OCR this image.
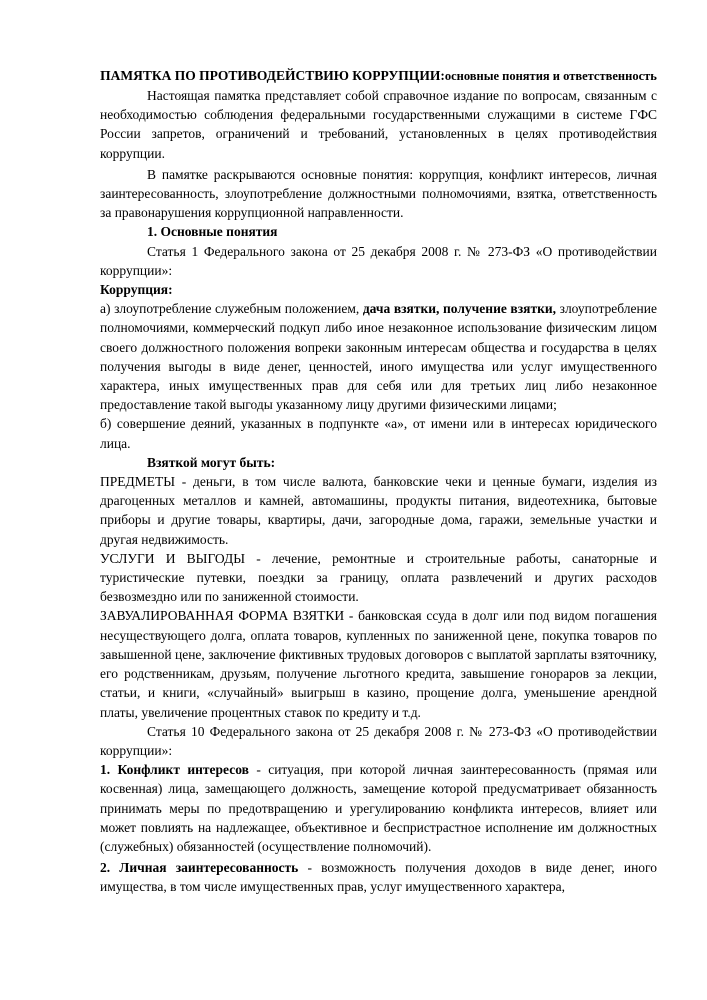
ПАМЯТКА ПО ПРОТИВОДЕЙСТВИЮ КОРРУПЦИИ:основные понятия и ответственность

Настоящая памятка представляет собой справочное издание по вопросам, связанным с необходимостью соблюдения федеральными государственными служащими в системе ГФС России запретов, ограничений и требований, установленных в целях противодействия коррупции.

В памятке раскрываются основные понятия: коррупция, конфликт интересов, личная заинтересованность, злоупотребление должностными полномочиями, взятка, ответственность за правонарушения коррупционной направленности.

1. Основные понятия

Статья 1 Федерального закона от 25 декабря 2008 г. № 273-ФЗ «О противодействии коррупции»:

Коррупция:

а) злоупотребление служебным положением, дача взятки, получение взятки, злоупотребление полномочиями, коммерческий подкуп либо иное незаконное использование физическим лицом своего должностного положения вопреки законным интересам общества и государства в целях получения выгоды в виде денег, ценностей, иного имущества или услуг имущественного характера, иных имущественных прав для себя или для третьих лиц либо незаконное предоставление такой выгоды указанному лицу другими физическими лицами;

б) совершение деяний, указанных в подпункте «а», от имени или в интересах юридического лица.

Взяткой могут быть:

ПРЕДМЕТЫ - деньги, в том числе валюта, банковские чеки и ценные бумаги, изделия из драгоценных металлов и камней, автомашины, продукты питания, видеотехника, бытовые приборы и другие товары, квартиры, дачи, загородные дома, гаражи, земельные участки и другая недвижимость.

УСЛУГИ И ВЫГОДЫ - лечение, ремонтные и строительные работы, санаторные и туристические путевки, поездки за границу, оплата развлечений и других расходов безвозмездно или по заниженной стоимости.

ЗАВУАЛИРОВАННАЯ ФОРМА ВЗЯТКИ - банковская ссуда в долг или под видом погашения несуществующего долга, оплата товаров, купленных по заниженной цене, покупка товаров по завышенной цене, заключение фиктивных трудовых договоров с выплатой зарплаты взяточнику, его родственникам, друзьям, получение льготного кредита, завышение гонораров за лекции, статьи, и книги, «случайный» выигрыш в казино, прощение долга, уменьшение арендной платы, увеличение процентных ставок по кредиту и т.д.

Статья 10 Федерального закона от 25 декабря 2008 г. № 273-ФЗ «О противодействии коррупции»:

1. Конфликт интересов - ситуация, при которой личная заинтересованность (прямая или косвенная) лица, замещающего должность, замещение которой предусматривает обязанность принимать меры по предотвращению и урегулированию конфликта интересов, влияет или может повлиять на надлежащее, объективное и беспристрастное исполнение им должностных (служебных) обязанностей (осуществление полномочий).

2. Личная заинтересованность - возможность получения доходов в виде денег, иного имущества, в том числе имущественных прав, услуг имущественного характера,
